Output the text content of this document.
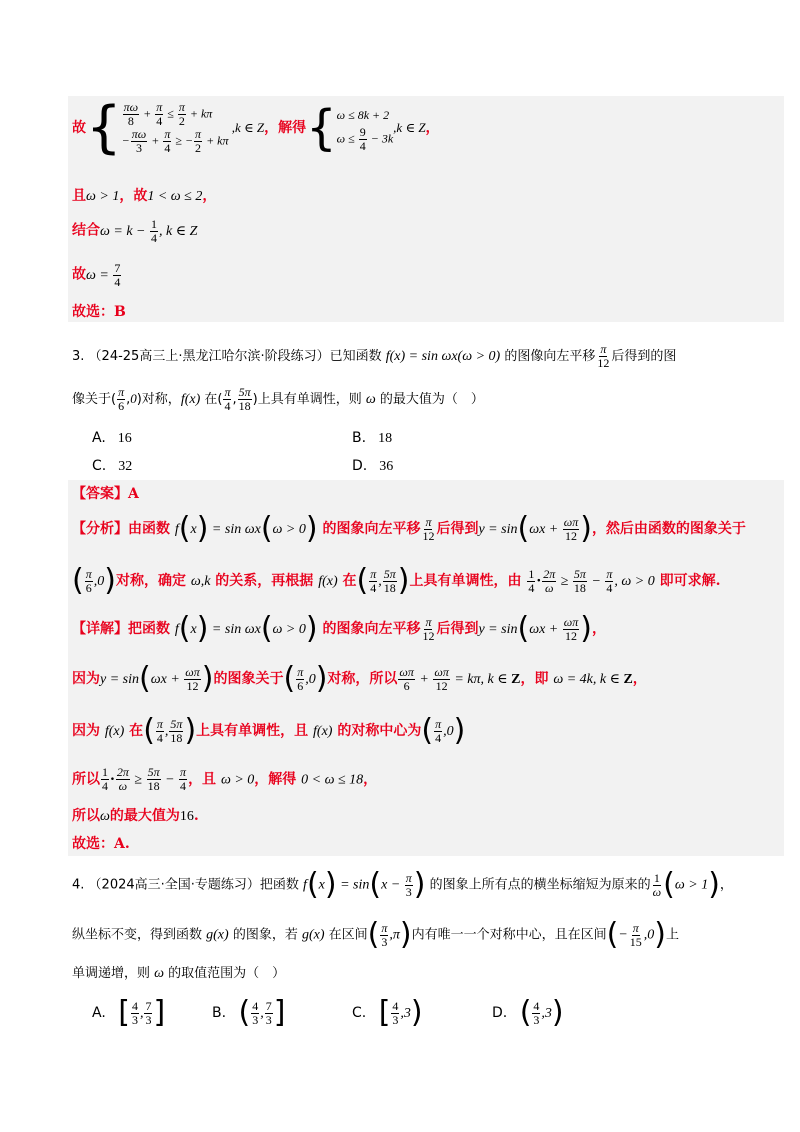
故{ $\frac{\pi\omega}{8} + \frac{\pi}{4} \le \frac{\pi}{2} + k\pi$
− $\frac{\pi\omega}{3} + \frac{\pi}{4}$ ≥ − $\frac{\pi}{2} + k\pi$
,k ∈ Z，解得{ ω ≤ 8k + 2
$\omega \le \frac{9}{4} - 3k$
,k ∈ Z，
且ω > 1，故1 < ω ≤ 2，
结合$\omega = k - \frac{1}{4}$ , k ∈ Z
故$\omega = \frac{7}{4}$
故选：B
3. （24-25高三上·黑龙江哈尔滨·阶段练习）已知函数 f(x) = sin ωx(ω > 0) 的图像向左平移 $\frac{\pi}{12}$ 后得到的图
像关于( $\frac{\pi}{6} ,0$)对称，f(x) 在( $\frac{\pi}{4}$ , $\frac{5\pi}{18}$ )上具有单调性，则 ω 的最大值为（　）
A. 16	B. 18
C. 32	D. 36
【答案】A
【分析】由函数 f(x) = sin ωx(ω > 0) 的图象向左平移 $\frac{\pi}{12}$ 后得到$y = \sin(\omega x + \frac{\omega\pi}{12}$ )，然后由函数的图象关于
( $\frac{\pi}{6} ,0$)对称，确定 ω,k 的关系，再根据 f(x) 在( $\frac{\pi}{4}$ , $\frac{5\pi}{18}$ )上具有单调性，由 $\frac{1}{4} \cdot \frac{2\pi}{\omega} \ge \frac{5\pi}{18} - \frac{\pi}{4}$ , ω > 0 即可求解.
【详解】把函数 f(x) = sin ωx(ω > 0) 的图象向左平移 $\frac{\pi}{12}$ 后得到$y = \sin(\omega x + \frac{\omega\pi}{12}$ )，
因为$y = \sin(\omega x + \frac{\omega\pi}{12}$ )的图象关于( $\frac{\pi}{6} ,0$)对称，所以 $\frac{\omega\pi}{6} + \frac{\omega\pi}{12} = k\pi$, k ∈ Z，即 ω = 4k, k ∈ Z，
因为 f(x) 在( $\frac{\pi}{4}$ , $\frac{5\pi}{18}$ )上具有单调性，且 f(x) 的对称中心为( $\frac{\pi}{4} ,0$)
所以 $\frac{1}{4} \cdot \frac{2\pi}{\omega} \ge \frac{5\pi}{18} - \frac{\pi}{4}$ ，且 ω > 0，解得 0 < ω ≤ 18，
所以ω的最大值为16.
故选：A.
4. （2024高三·全国·专题练习）把函数 $f(x) = \sin(x - \frac{\pi}{3}$ ) 的图象上所有点的横坐标缩短为原来的 $\frac{1}{\omega} (\omega > 1)$，
纵坐标不变，得到函数 g(x) 的图象，若 g(x) 在区间( $\frac{\pi}{3} ,\pi$)内有唯一一个对称中心，且在区间(− $\frac{\pi}{15} ,0$)上
单调递增，则 ω 的取值范围为（　）
A. [ $\frac{4}{3}$ , $\frac{7}{3}$ ]	B. ( $\frac{4}{3}$ , $\frac{7}{3}$ ]	C. [ $\frac{4}{3} ,3$)	D. ( $\frac{4}{3} ,3$)
